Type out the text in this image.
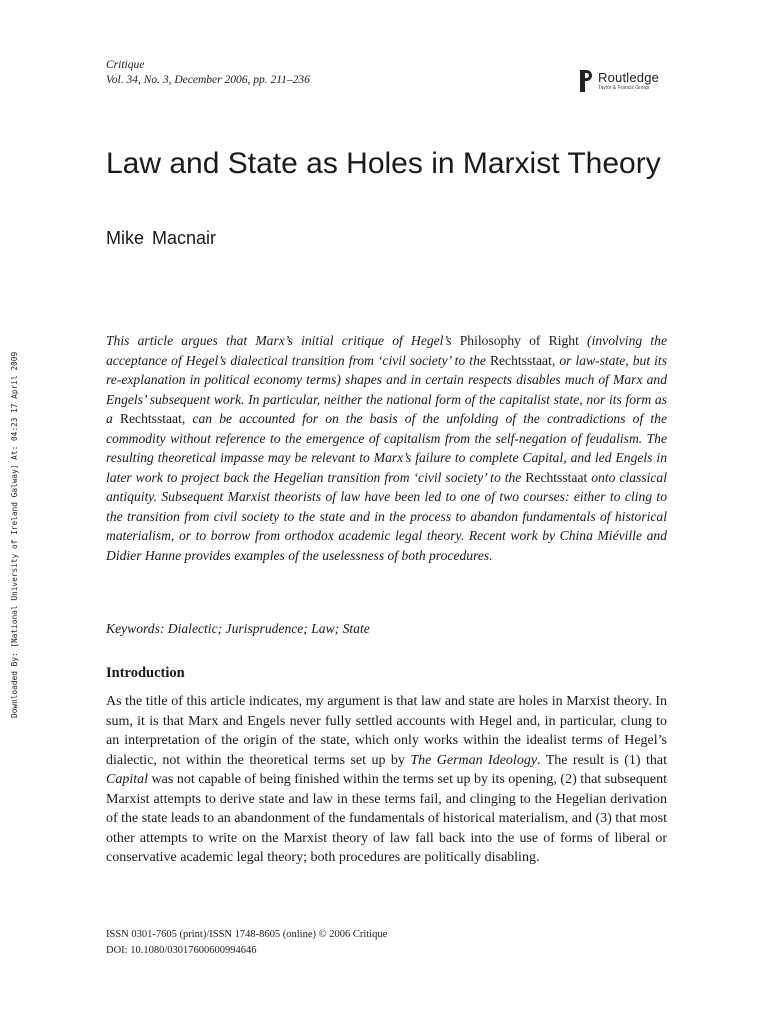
Critique
Vol. 34, No. 3, December 2006, pp. 211–236	Routledge
Taylor & Francis Group
Law and State as Holes in Marxist Theory
Mike Macnair
Downloaded By: [National University of Ireland Galway] At: 04:23 17 April 2009

This article argues that Marx’s initial critique of Hegel’s Philosophy of Right (involving the acceptance of Hegel’s dialectical transition from ‘civil society’ to the Rechtsstaat, or law-state, but its re-explanation in political economy terms) shapes and in certain respects disables much of Marx and Engels’ subsequent work. In particular, neither the national form of the capitalist state, nor its form as a Rechtsstaat, can be accounted for on the basis of the unfolding of the contradictions of the commodity without reference to the emergence of capitalism from the self-negation of feudalism. The resulting theoretical impasse may be relevant to Marx’s failure to complete Capital, and led Engels in later work to project back the Hegelian transition from ‘civil society’ to the Rechtsstaat onto classical antiquity. Subsequent Marxist theorists of law have been led to one of two courses: either to cling to the transition from civil society to the state and in the process to abandon fundamentals of historical materialism, or to borrow from orthodox academic legal theory. Recent work by China Miéville and Didier Hanne provides examples of the uselessness of both procedures.

Keywords: Dialectic; Jurisprudence; Law; State

Introduction

As the title of this article indicates, my argument is that law and state are holes in Marxist theory. In sum, it is that Marx and Engels never fully settled accounts with Hegel and, in particular, clung to an interpretation of the origin of the state, which only works within the idealist terms of Hegel’s dialectic, not within the theoretical terms set up by The German Ideology. The result is (1) that Capital was not capable of being finished within the terms set up by its opening, (2) that subsequent Marxist attempts to derive state and law in these terms fail, and clinging to the Hegelian derivation of the state leads to an abandonment of the fundamentals of historical materialism, and (3) that most other attempts to write on the Marxist theory of law fall back into the use of forms of liberal or conservative academic legal theory; both procedures are politically disabling.

ISSN 0301-7605 (print)/ISSN 1748-8605 (online) © 2006 Critique
DOI: 10.1080/03017600600994646
